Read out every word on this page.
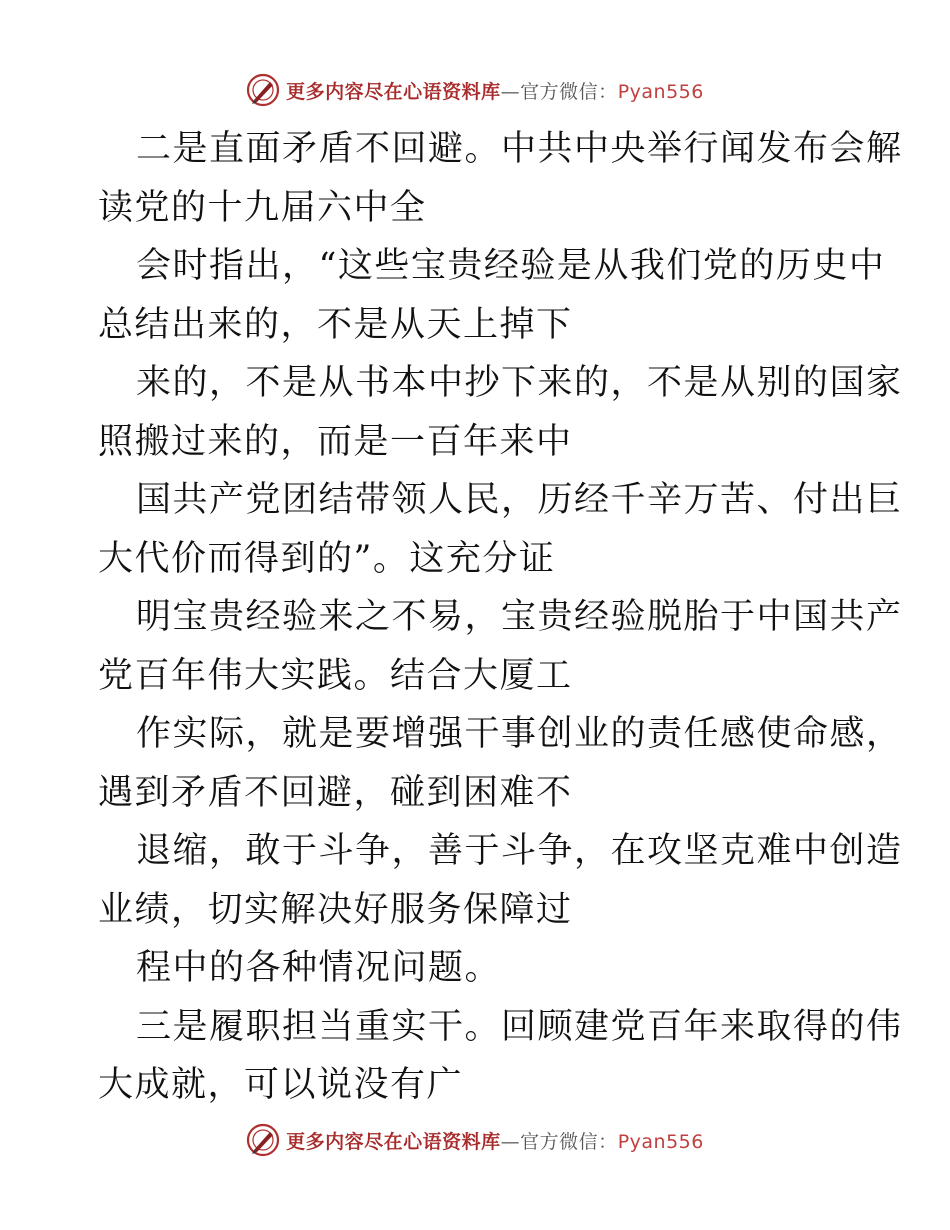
更多内容尽在心语资料库—官方微信：Pyan556
二是直面矛盾不回避。中共中央举行闻发布会解
读党的十九届六中全
会时指出，“这些宝贵经验是从我们党的历史中
总结出来的，不是从天上掉下
来的，不是从书本中抄下来的，不是从别的国家
照搬过来的，而是一百年来中
国共产党团结带领人民，历经千辛万苦、付出巨
大代价而得到的”。这充分证
明宝贵经验来之不易，宝贵经验脱胎于中国共产
党百年伟大实践。结合大厦工
作实际，就是要增强干事创业的责任感使命感，
遇到矛盾不回避，碰到困难不
退缩，敢于斗争，善于斗争，在攻坚克难中创造
业绩，切实解决好服务保障过
程中的各种情况问题。
三是履职担当重实干。回顾建党百年来取得的伟
大成就，可以说没有广
更多内容尽在心语资料库—官方微信：Pyan556
